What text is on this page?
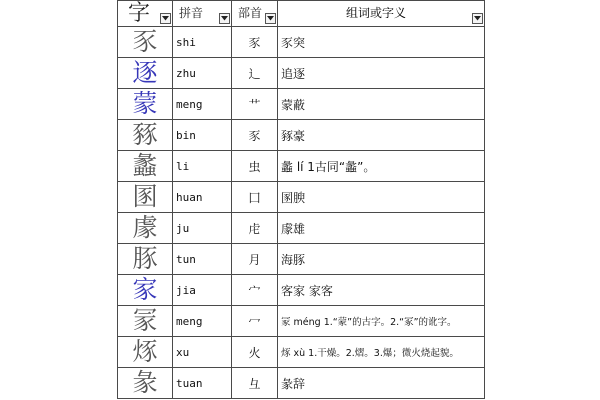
字	拼音	部首	组词或字义

豕	shi	豕	豕突
逐	zhu	辶	追逐
蒙	meng	艹	蒙蔽
豩	bin	豕	豩豪
蠡	li	虫	蠡 lí 1古同“蠡”。
圂	huan	囗	圂腴
豦	ju	虍	豦雄
豚	tun	月	海豚
家	jia	宀	客家 家客
冡	meng	冖	冡 méng 1.“蒙”的古字。2.“冢”的讹字。
烼	xu	火	烼 xù 1.干燥。2.熠。3.爆；微火烧起貌。
彖	tuan	彑	彖辞
